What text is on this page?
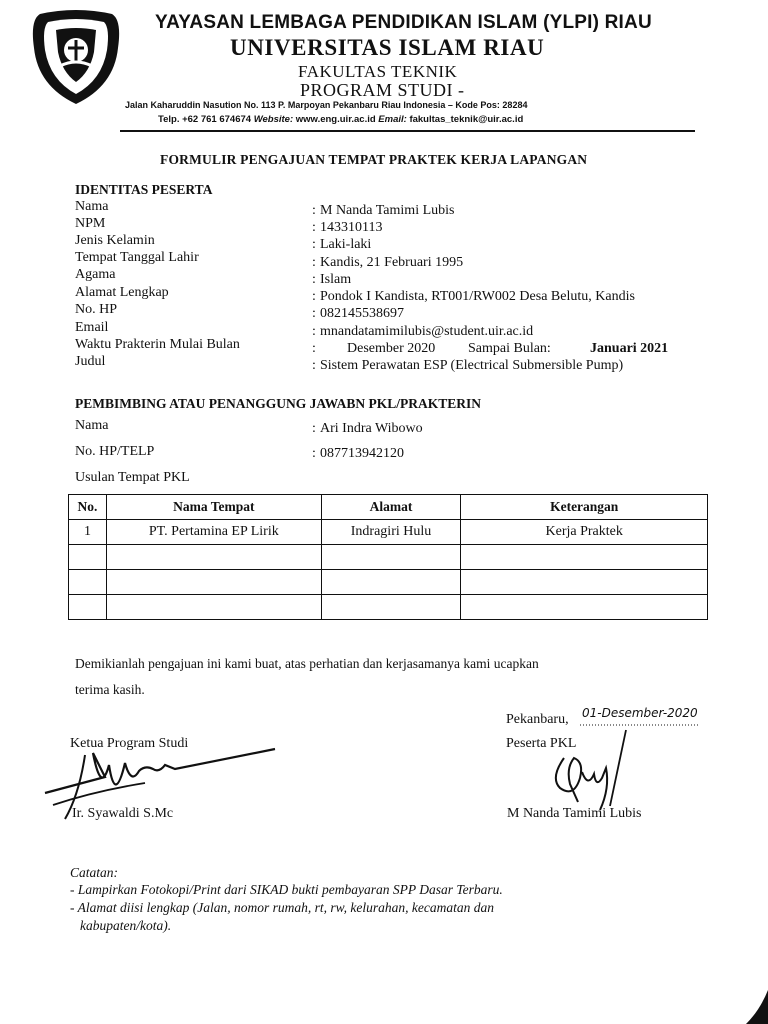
YAYASAN LEMBAGA PENDIDIKAN ISLAM (YLPI) RIAU
UNIVERSITAS ISLAM RIAU
FAKULTAS TEKNIK
PROGRAM STUDI -
Jalan Kaharuddin Nasution No. 113 P. Marpoyan Pekanbaru Riau Indonesia – Kode Pos: 28284
Telp. +62 761 674674 Website: www.eng.uir.ac.id Email: fakultas_teknik@uir.ac.id
FORMULIR PENGAJUAN TEMPAT PRAKTEK KERJA LAPANGAN
IDENTITAS PESERTA
Nama	: M Nanda Tamimi Lubis
NPM	: 143310113
Jenis Kelamin	: Laki-laki
Tempat Tanggal Lahir	: Kandis, 21 Februari 1995
Agama	: Islam
Alamat Lengkap	: Pondok I Kandista, RT001/RW002 Desa Belutu, Kandis
No. HP	: 082145538697
Email	: mnandatamimilubis@student.uir.ac.id
Waktu Prakterin Mulai Bulan	: Desember 2020 Sampai Bulan:	Januari 2021
Judul	: Sistem Perawatan ESP (Electrical Submersible Pump)
PEMBIMBING ATAU PENANGGUNG JAWABN PKL/PRAKTERIN
Nama	: Ari Indra Wibowo
No. HP/TELP	: 087713942120
Usulan Tempat PKL
No.	Nama Tempat	Alamat	Keterangan
1	PT. Pertamina EP Lirik	Indragiri Hulu	Kerja Praktek

Demikianlah pengajuan ini kami buat, atas perhatian dan kerjasamanya kami ucapkan
terima kasih.
Pekanbaru, 01-Desember-2020
Ketua Program Studi	Peserta PKL
Ir. Syawaldi S.Mc	M Nanda Tamimi Lubis
Catatan:
- Lampirkan Fotokopi/Print dari SIKAD bukti pembayaran SPP Dasar Terbaru.
- Alamat diisi lengkap (Jalan, nomor rumah, rt, rw, kelurahan, kecamatan dan
kabupaten/kota).
